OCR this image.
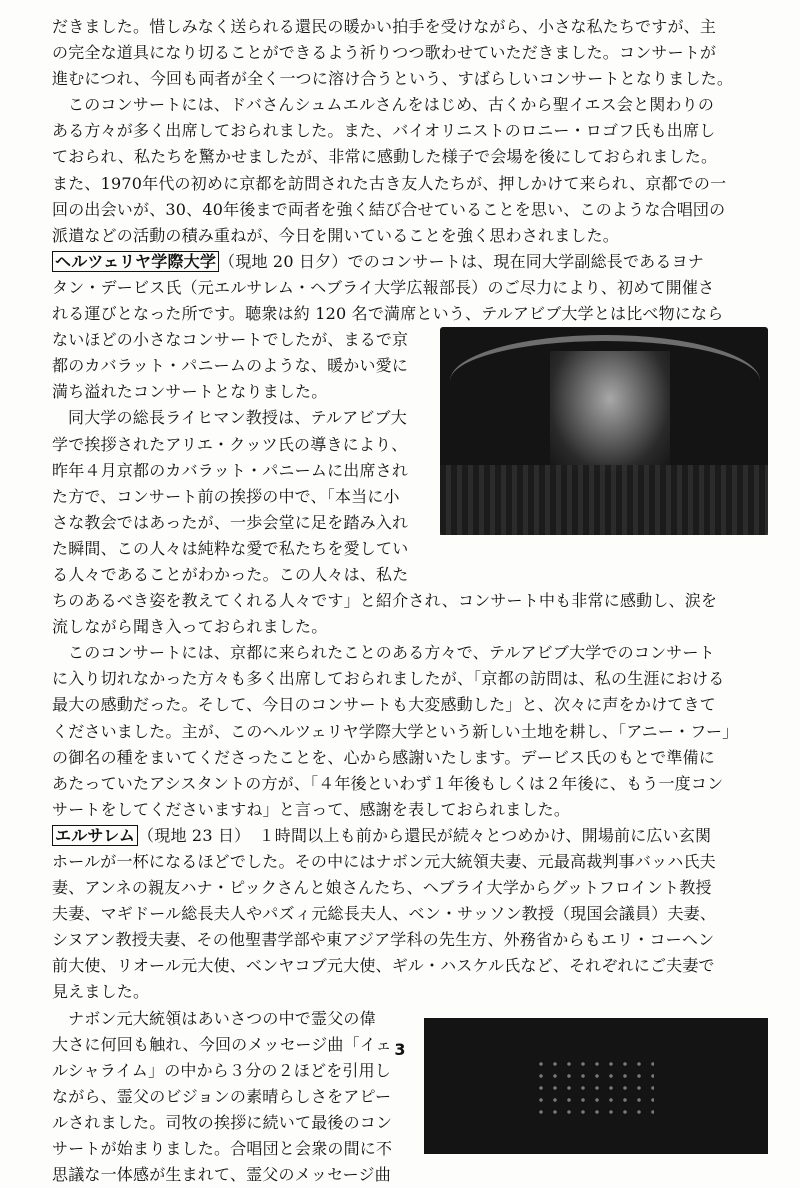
だきました。惜しみなく送られる還民の暖かい拍手を受けながら、小さな私たちですが、主
の完全な道具になり切ることができるよう祈りつつ歌わせていただきました。コンサートが
進むにつれ、今回も両者が全く一つに溶け合うという、すばらしいコンサートとなりました。
このコンサートには、ドバさんシュムエルさんをはじめ、古くから聖イエス会と関わりの
ある方々が多く出席しておられました。また、バイオリニストのロニー・ロゴフ氏も出席し
ておられ、私たちを驚かせましたが、非常に感動した様子で会場を後にしておられました。
また、1970年代の初めに京都を訪問された古き友人たちが、押しかけて来られ、京都での一
回の出会いが、30、40年後まで両者を強く結び合せていることを思い、このような合唱団の
派遣などの活動の積み重ねが、今日を開いていることを強く思わされました。
ヘルツェリヤ学際大学 （現地 20 日夕）でのコンサートは、現在同大学副総長であるヨナ
タン・デービス氏（元エルサレム・ヘブライ大学広報部長）のご尽力により、初めて開催さ
れる運びとなった所です。聴衆は約 120 名で満席という、テルアビブ大学とは比べ物になら
ないほどの小さなコンサートでしたが、まるで京
都のカバラット・パニームのような、暖かい愛に
満ち溢れたコンサートとなりました。
同大学の総長ライヒマン教授は、テルアビブ大
学で挨拶されたアリエ・クッツ氏の導きにより、
昨年４月京都のカバラット・パニームに出席され
た方で、コンサート前の挨拶の中で、「本当に小
さな教会ではあったが、一歩会堂に足を踏み入れ
た瞬間、この人々は純粋な愛で私たちを愛してい
る人々であることがわかった。この人々は、私た
ちのあるべき姿を教えてくれる人々です」と紹介され、コンサート中も非常に感動し、涙を
流しながら聞き入っておられました。
このコンサートには、京都に来られたことのある方々で、テルアビブ大学でのコンサート
に入り切れなかった方々も多く出席しておられましたが、「京都の訪問は、私の生涯における
最大の感動だった。そして、今日のコンサートも大変感動した」と、次々に声をかけてきて
くださいました。主が、このヘルツェリヤ学際大学という新しい土地を耕し、「アニー・フー」
の御名の種をまいてくださったことを、心から感謝いたします。デービス氏のもとで準備に
あたっていたアシスタントの方が、「４年後といわず１年後もしくは２年後に、もう一度コン
サートをしてくださいますね」と言って、感謝を表しておられました。
エルサレム （現地 23 日）　１時間以上も前から還民が続々とつめかけ、開場前に広い玄関
ホールが一杯になるほどでした。その中にはナボン元大統領夫妻、元最高裁判事バッハ氏夫
妻、アンネの親友ハナ・ピックさんと娘さんたち、ヘブライ大学からグットフロイント教授
夫妻、マギドール総長夫人やパズィ元総長夫人、ベン・サッソン教授（現国会議員）夫妻、
シヌアン教授夫妻、その他聖書学部や東アジア学科の先生方、外務省からもエリ・コーヘン
前大使、リオール元大使、ベンヤコブ元大使、ギル・ハスケル氏など、それぞれにご夫妻で
見えました。
ナボン元大統領はあいさつの中で霊父の偉
大さに何回も触れ、今回のメッセージ曲「イェ
ルシャライム」の中から３分の２ほどを引用し
ながら、霊父のビジョンの素晴らしさをアピー
ルされました。司牧の挨拶に続いて最後のコン
サートが始まりました。合唱団と会衆の間に不
思議な一体感が生まれて、霊父のメッセージ曲
3
